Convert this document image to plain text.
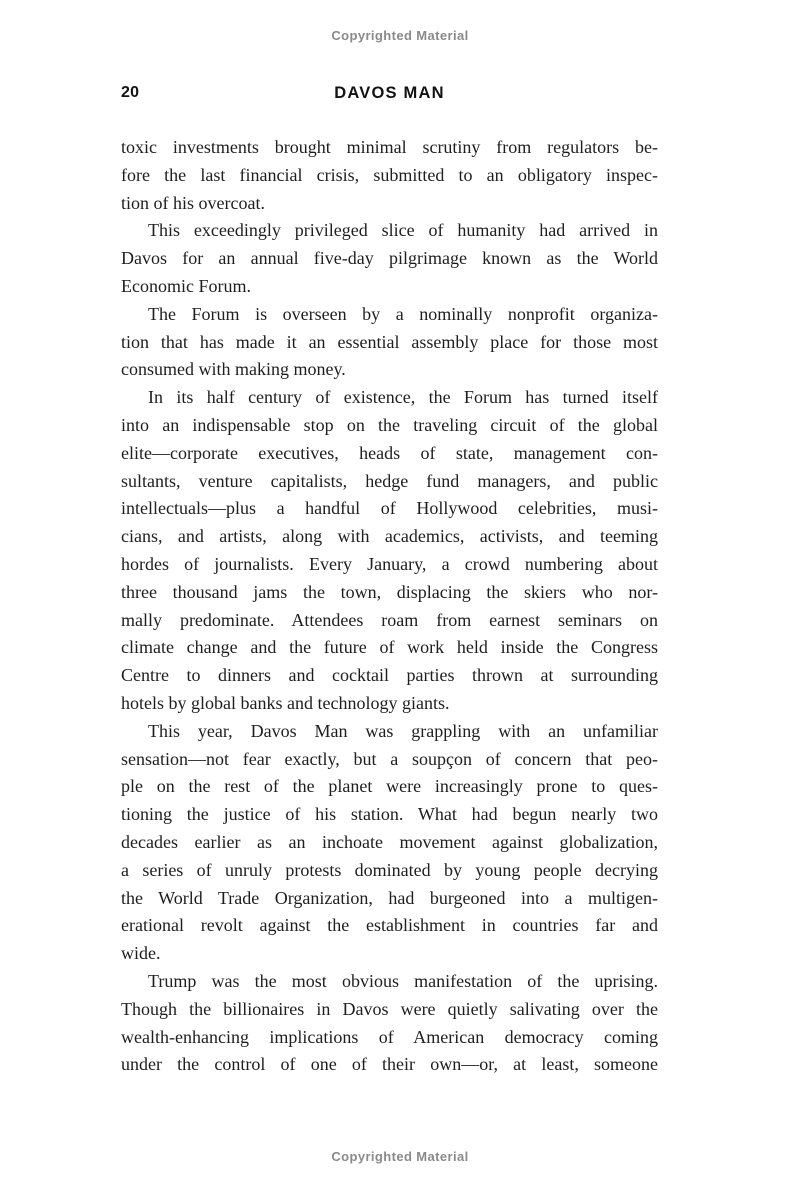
Copyrighted Material
20	DAVOS MAN
toxic investments brought minimal scrutiny from regulators be-
fore the last financial crisis, submitted to an obligatory inspec-
tion of his overcoat.
This exceedingly privileged slice of humanity had arrived in
Davos for an annual five-day pilgrimage known as the World
Economic Forum.
The Forum is overseen by a nominally nonprofit organiza-
tion that has made it an essential assembly place for those most
consumed with making money.
In its half century of existence, the Forum has turned itself
into an indispensable stop on the traveling circuit of the global
elite—corporate executives, heads of state, management con-
sultants, venture capitalists, hedge fund managers, and public
intellectuals—plus a handful of Hollywood celebrities, musi-
cians, and artists, along with academics, activists, and teeming
hordes of journalists. Every January, a crowd numbering about
three thousand jams the town, displacing the skiers who nor-
mally predominate. Attendees roam from earnest seminars on
climate change and the future of work held inside the Congress
Centre to dinners and cocktail parties thrown at surrounding
hotels by global banks and technology giants.
This year, Davos Man was grappling with an unfamiliar
sensation—not fear exactly, but a soupçon of concern that peo-
ple on the rest of the planet were increasingly prone to ques-
tioning the justice of his station. What had begun nearly two
decades earlier as an inchoate movement against globalization,
a series of unruly protests dominated by young people decrying
the World Trade Organization, had burgeoned into a multigen-
erational revolt against the establishment in countries far and
wide.
Trump was the most obvious manifestation of the uprising.
Though the billionaires in Davos were quietly salivating over the
wealth-enhancing implications of American democracy coming
under the control of one of their own—or, at least, someone
Copyrighted Material
